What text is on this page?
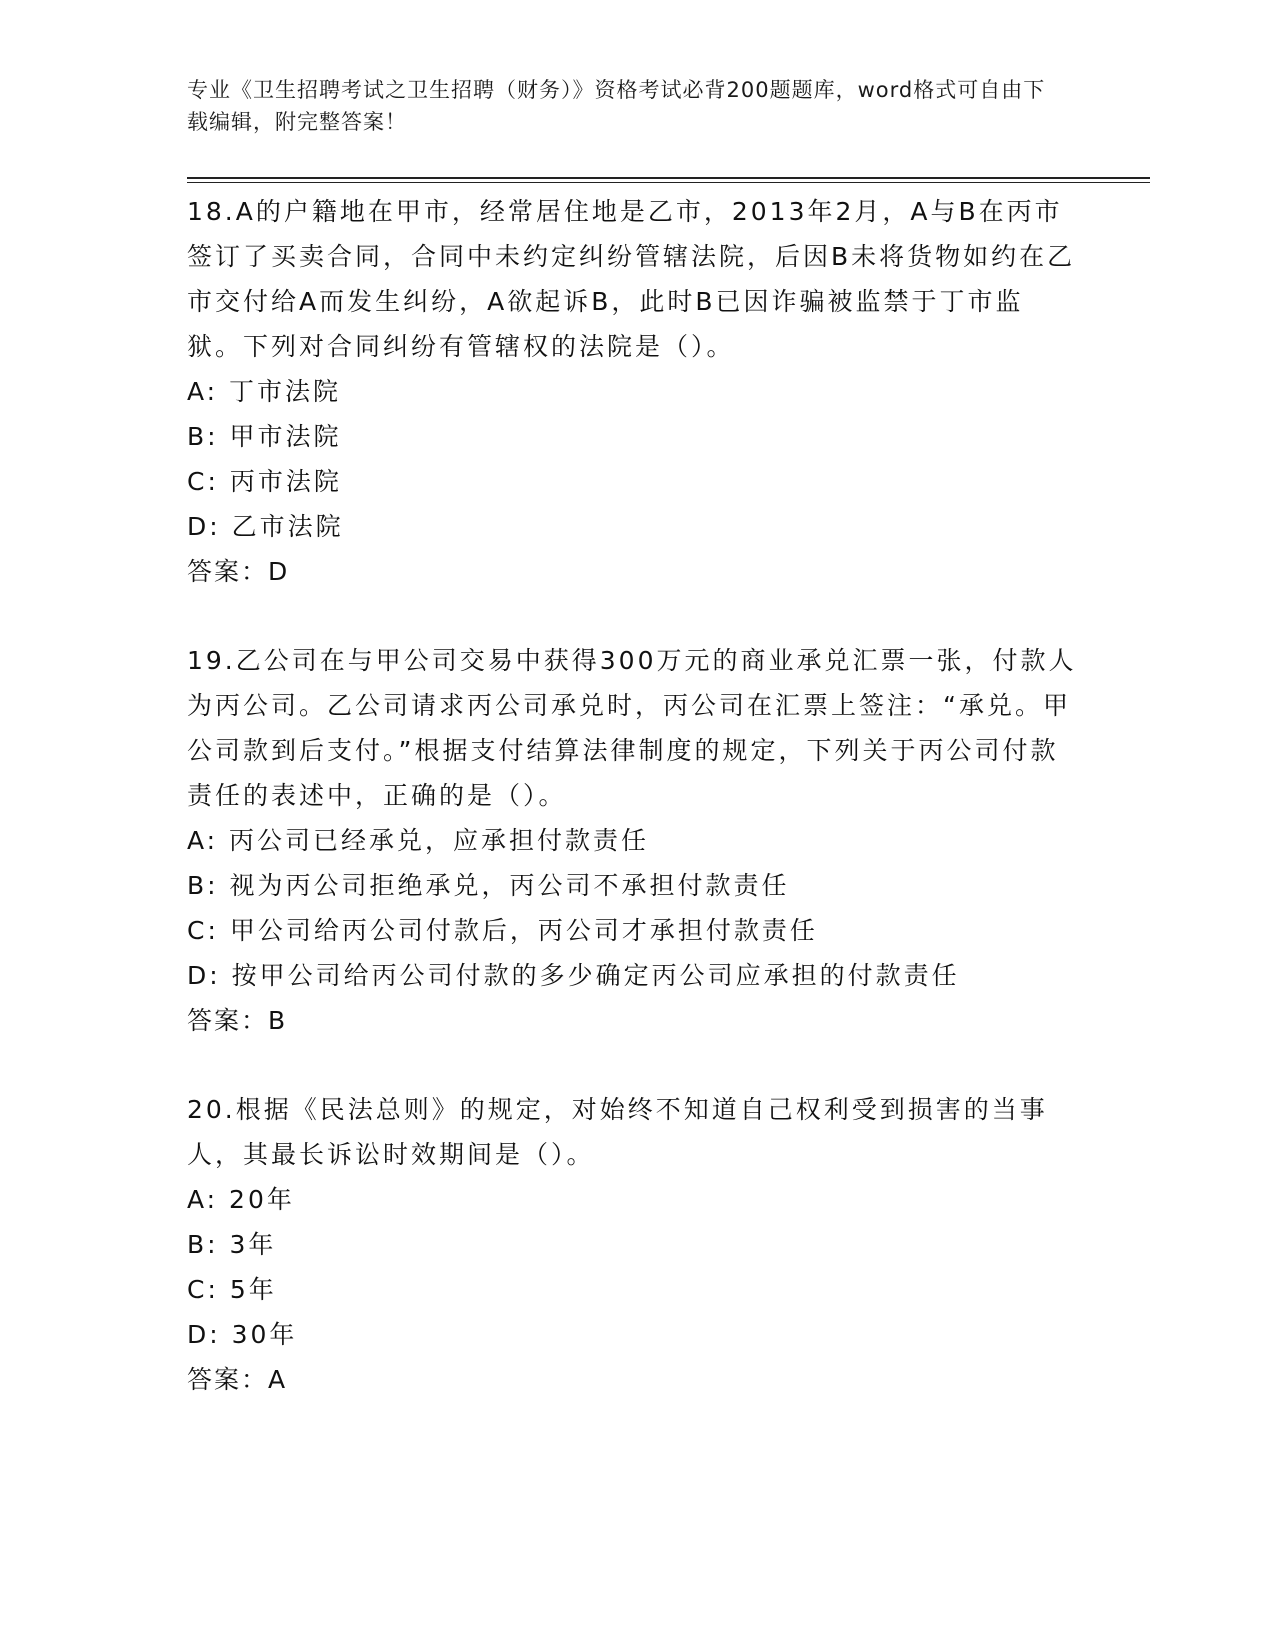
专业《卫生招聘考试之卫生招聘（财务）》资格考试必背200题题库，word格式可自由下载编辑，附完整答案！

18.A的户籍地在甲市，经常居住地是乙市，2013年2月，A与B在丙市签订了买卖合同，合同中未约定纠纷管辖法院，后因B未将货物如约在乙市交付给A而发生纠纷，A欲起诉B，此时B已因诈骗被监禁于丁市监狱。下列对合同纠纷有管辖权的法院是（）。

A: 丁市法院

B: 甲市法院

C: 丙市法院

D: 乙市法院

答案：D

19.乙公司在与甲公司交易中获得300万元的商业承兑汇票一张，付款人为丙公司。乙公司请求丙公司承兑时，丙公司在汇票上签注：“承兑。甲公司款到后支付。”根据支付结算法律制度的规定，下列关于丙公司付款责任的表述中，正确的是（）。

A: 丙公司已经承兑，应承担付款责任

B: 视为丙公司拒绝承兑，丙公司不承担付款责任

C: 甲公司给丙公司付款后，丙公司才承担付款责任

D: 按甲公司给丙公司付款的多少确定丙公司应承担的付款责任

答案：B

20.根据《民法总则》的规定，对始终不知道自己权利受到损害的当事人，其最长诉讼时效期间是（）。

A: 20年

B: 3年

C: 5年

D: 30年

答案：A
